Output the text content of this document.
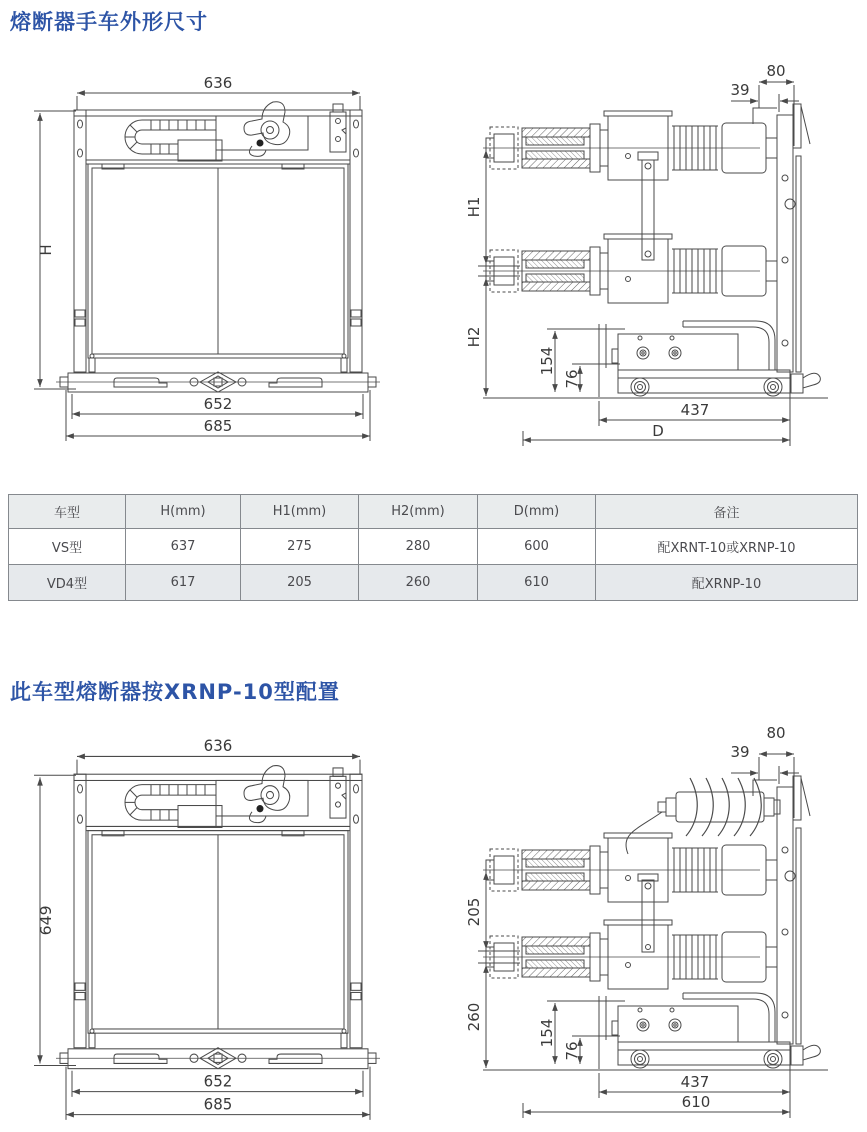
熔断器手车外形尺寸
此车型熔断器按XRNP-10型配置
636
H
652
685
80
39
H1
H2
154
76
437
D
车型	H(mm)	H1(mm)	H2(mm)	D(mm)	备注
VS型	637	275	280	600	配XRNT-10或XRNP-10
VD4型	617	205	260	610	配XRNP-10
636
649
652
685
80
39
205
260
154
76
437
610
